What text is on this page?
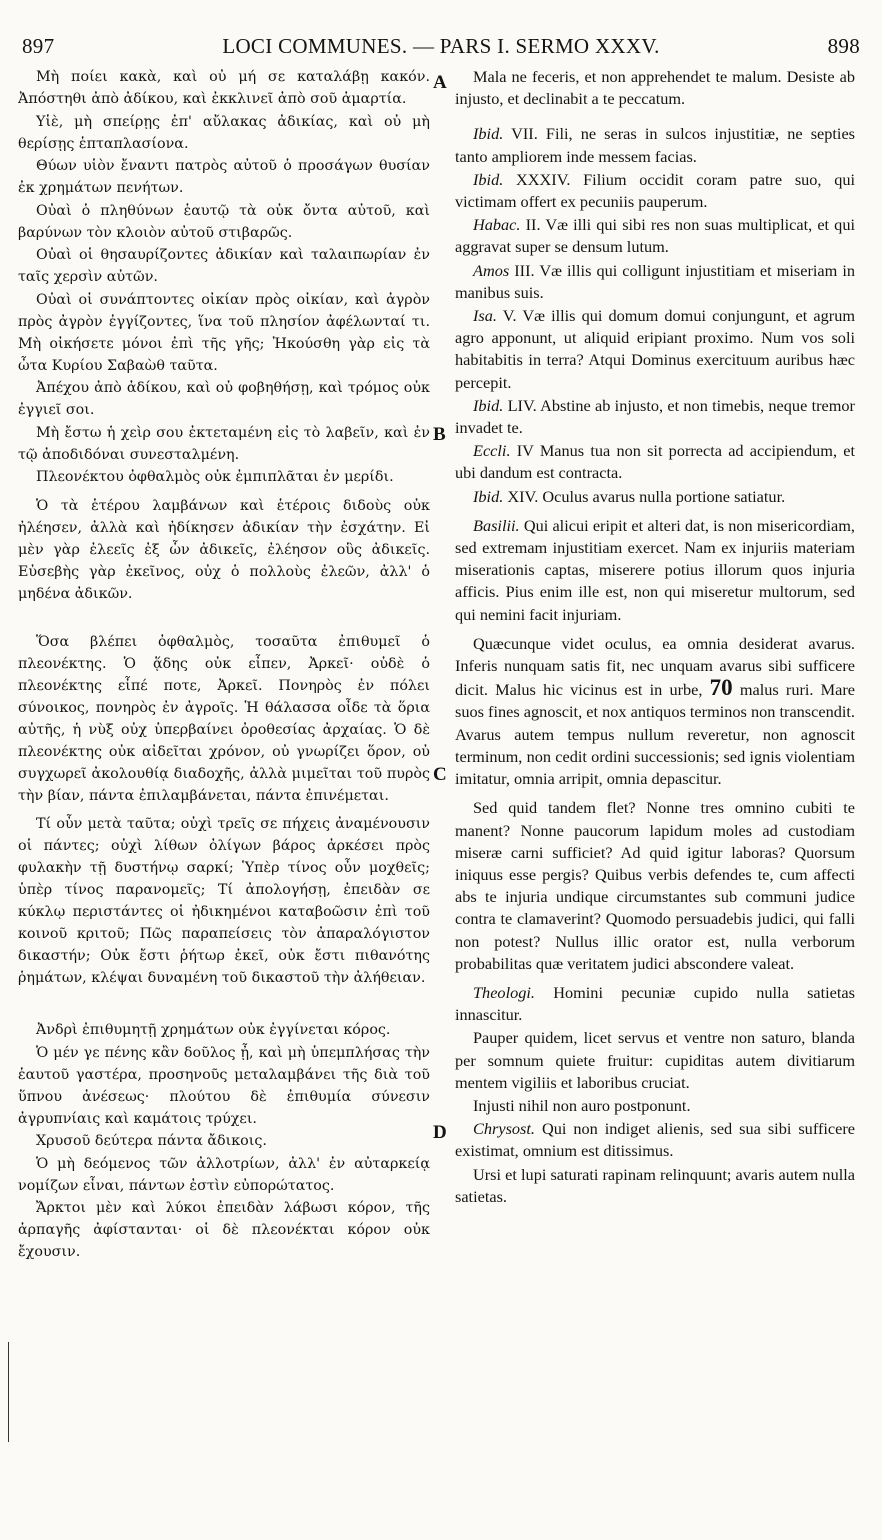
897	LOCI COMMUNES. — PARS I. SERMO XXXV.	898
A
B
C
D

Μὴ ποίει κακὰ, καὶ οὐ μή σε καταλάβῃ κακόν. Ἀπόστηθι ἀπὸ ἀδίκου, καὶ ἐκκλινεῖ ἀπὸ σοῦ ἁμαρτία.

Υἱὲ, μὴ σπείρῃς ἐπ' αὔλακας ἀδικίας, καὶ οὐ μὴ θερίσῃς ἑπταπλασίονα.

Θύων υἱὸν ἔναντι πατρὸς αὐτοῦ ὁ προσάγων θυσίαν ἐκ χρημάτων πενήτων.

Οὐαὶ ὁ πληθύνων ἑαυτῷ τὰ οὐκ ὄντα αὐτοῦ, καὶ βαρύνων τὸν κλοιὸν αὐτοῦ στιβαρῶς.

Οὐαὶ οἱ θησαυρίζοντες ἀδικίαν καὶ ταλαιπωρίαν ἐν ταῖς χερσὶν αὐτῶν.

Οὐαὶ οἱ συνάπτοντες οἰκίαν πρὸς οἰκίαν, καὶ ἀγρὸν πρὸς ἀγρὸν ἐγγίζοντες, ἵνα τοῦ πλησίον ἀφέλωνταί τι. Μὴ οἰκήσετε μόνοι ἐπὶ τῆς γῆς; Ἠκούσθη γὰρ εἰς τὰ ὦτα Κυρίου Σαβαὼθ ταῦτα.

Ἀπέχου ἀπὸ ἀδίκου, καὶ οὐ φοβηθήσῃ, καὶ τρόμος οὐκ ἐγγιεῖ σοι.

Μὴ ἔστω ἡ χεὶρ σου ἐκτεταμένη εἰς τὸ λαβεῖν, καὶ ἐν τῷ ἀποδιδόναι συνεσταλμένη.

Πλεονέκτου ὀφθαλμὸς οὐκ ἐμπιπλᾶται ἐν μερίδι.

Ὁ τὰ ἑτέρου λαμβάνων καὶ ἑτέροις διδοὺς οὐκ ἠλέησεν, ἀλλὰ καὶ ἠδίκησεν ἀδικίαν τὴν ἐσχάτην. Εἰ μὲν γὰρ ἐλεεῖς ἐξ ὧν ἀδικεῖς, ἐλέησον οὓς ἀδικεῖς. Εὐσεβὴς γὰρ ἐκεῖνος, οὐχ ὁ πολλοὺς ἐλεῶν, ἀλλ' ὁ μηδένα ἀδικῶν.

Ὅσα βλέπει ὀφθαλμὸς, τοσαῦτα ἐπιθυμεῖ ὁ πλεονέκτης. Ὁ ᾅδης οὐκ εἶπεν, Ἀρκεῖ· οὐδὲ ὁ πλεονέκτης εἶπέ ποτε, Ἀρκεῖ. Πονηρὸς ἐν πόλει σύνοικος, πονηρὸς ἐν ἀγροῖς. Ἡ θάλασσα οἶδε τὰ ὅρια αὐτῆς, ἡ νὺξ οὐχ ὑπερβαίνει ὀροθεσίας ἀρχαίας. Ὁ δὲ πλεονέκτης οὐκ αἰδεῖται χρόνον, οὐ γνωρίζει ὅρον, οὐ συγχωρεῖ ἀκολουθίᾳ διαδοχῆς, ἀλλὰ μιμεῖται τοῦ πυρὸς τὴν βίαν, πάντα ἐπιλαμβάνεται, πάντα ἐπινέμεται.

Τί οὖν μετὰ ταῦτα; οὐχὶ τρεῖς σε πήχεις ἀναμένουσιν οἱ πάντες; οὐχὶ λίθων ὀλίγων βάρος ἀρκέσει πρὸς φυλακὴν τῇ δυστήνῳ σαρκί; Ὑπὲρ τίνος οὖν μοχθεῖς; ὑπὲρ τίνος παρανομεῖς; Τί ἀπολογήσῃ, ἐπειδὰν σε κύκλῳ περιστάντες οἱ ἠδικημένοι καταβοῶσιν ἐπὶ τοῦ κοινοῦ κριτοῦ; Πῶς παραπείσεις τὸν ἀπαραλόγιστον δικαστήν; Οὐκ ἔστι ῥήτωρ ἐκεῖ, οὐκ ἔστι πιθανότης ῥημάτων, κλέψαι δυναμένη τοῦ δικαστοῦ τὴν ἀλήθειαν.

Ἀνδρὶ ἐπιθυμητῇ χρημάτων οὐκ ἐγγίνεται κόρος.

Ὁ μέν γε πένης κἂν δοῦλος ᾖ, καὶ μὴ ὑπεμπλήσας τὴν ἑαυτοῦ γαστέρα, προσηνοῦς μεταλαμβάνει τῆς διὰ τοῦ ὕπνου ἀνέσεως· πλούτου δὲ ἐπιθυμία σύνεσιν ἀγρυπνίαις καὶ καμάτοις τρύχει.

Χρυσοῦ δεύτερα πάντα ἄδικοις.

Ὁ μὴ δεόμενος τῶν ἀλλοτρίων, ἀλλ' ἐν αὐταρκείᾳ νομίζων εἶναι, πάντων ἐστὶν εὐπορώτατος.

Ἄρκτοι μὲν καὶ λύκοι ἐπειδὰν λάβωσι κόρον, τῆς ἁρπαγῆς ἀφίστανται· οἱ δὲ πλεονέκται κόρον οὐκ ἔχουσιν.

Mala ne feceris, et non apprehendet te malum. Desiste ab injusto, et declinabit a te peccatum.

Ibid. VII. Fili, ne seras in sulcos injustitiæ, ne septies tanto ampliorem inde messem facias.

Ibid. XXXIV. Filium occidit coram patre suo, qui victimam offert ex pecuniis pauperum.

Habac. II. Væ illi qui sibi res non suas multiplicat, et qui aggravat super se densum lutum.

Amos III. Væ illis qui colligunt injustitiam et miseriam in manibus suis.

Isa. V. Væ illis qui domum domui conjungunt, et agrum agro apponunt, ut aliquid eripiant proximo. Num vos soli habitabitis in terra? Atqui Dominus exercituum auribus hæc percepit.

Ibid. LIV. Abstine ab injusto, et non timebis, neque tremor invadet te.

Eccli. IV Manus tua non sit porrecta ad accipiendum, et ubi dandum est contracta.

Ibid. XIV. Oculus avarus nulla portione satiatur.

Basilii. Qui alicui eripit et alteri dat, is non misericordiam, sed extremam injustitiam exercet. Nam ex injuriis materiam miserationis captas, miserere potius illorum quos injuria afficis. Pius enim ille est, non qui miseretur multorum, sed qui nemini facit injuriam.

Quæcunque videt oculus, ea omnia desiderat avarus. Inferis nunquam satis fit, nec unquam avarus sibi sufficere dicit. Malus hic vicinus est in urbe, 70 malus ruri. Mare suos fines agnoscit, et nox antiquos terminos non transcendit. Avarus autem tempus nullum reveretur, non agnoscit terminum, non cedit ordini successionis; sed ignis violentiam imitatur, omnia arripit, omnia depascitur.

Sed quid tandem flet? Nonne tres omnino cubiti te manent? Nonne paucorum lapidum moles ad custodiam miseræ carni sufficiet? Ad quid igitur laboras? Quorsum iniquus esse pergis? Quibus verbis defendes te, cum affecti abs te injuria undique circumstantes sub communi judice contra te clamaverint? Quomodo persuadebis judici, qui falli non potest? Nullus illic orator est, nulla verborum probabilitas quæ veritatem judici abscondere valeat.

Theologi. Homini pecuniæ cupido nulla satietas innascitur.

Pauper quidem, licet servus et ventre non saturo, blanda per somnum quiete fruitur: cupiditas autem divitiarum mentem vigiliis et laboribus cruciat.

Injusti nihil non auro postponunt.

Chrysost. Qui non indiget alienis, sed sua sibi sufficere existimat, omnium est ditissimus.

Ursi et lupi saturati rapinam relinquunt; avaris autem nulla satietas.
